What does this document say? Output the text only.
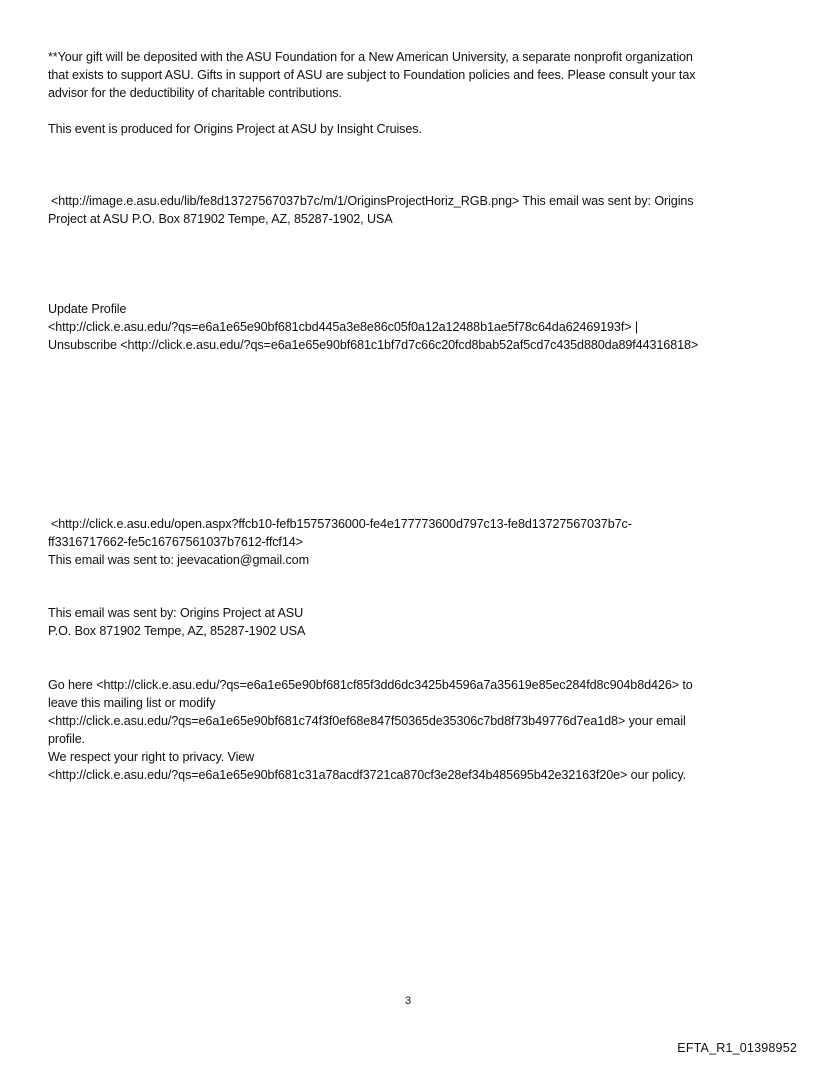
**Your gift will be deposited with the ASU Foundation for a New American University, a separate nonprofit organization
that exists to support ASU. Gifts in support of ASU are subject to Foundation policies and fees. Please consult your tax
advisor for the deductibility of charitable contributions.
This event is produced for Origins Project at ASU by Insight Cruises.
<http://image.e.asu.edu/lib/fe8d13727567037b7c/m/1/OriginsProjectHoriz_RGB.png> This email was sent by: Origins
Project at ASU P.O. Box 871902 Tempe, AZ, 85287-1902, USA
Update Profile
<http://click.e.asu.edu/?qs=e6a1e65e90bf681cbd445a3e8e86c05f0a12a12488b1ae5f78c64da62469193f> |
Unsubscribe <http://click.e.asu.edu/?qs=e6a1e65e90bf681c1bf7d7c66c20fcd8bab52af5cd7c435d880da89f44316818>
<http://click.e.asu.edu/open.aspx?ffcb10-fefb1575736000-fe4e177773600d797c13-fe8d13727567037b7c-
ff3316717662-fe5c16767561037b7612-ffcf14>
This email was sent to: jeevacation@gmail.com
This email was sent by: Origins Project at ASU
P.O. Box 871902 Tempe, AZ, 85287-1902 USA
Go here <http://click.e.asu.edu/?qs=e6a1e65e90bf681cf85f3dd6dc3425b4596a7a35619e85ec284fd8c904b8d426> to
leave this mailing list or modify
<http://click.e.asu.edu/?qs=e6a1e65e90bf681c74f3f0ef68e847f50365de35306c7bd8f73b49776d7ea1d8> your email
profile.
We respect your right to privacy. View
<http://click.e.asu.edu/?qs=e6a1e65e90bf681c31a78acdf3721ca870cf3e28ef34b485695b42e32163f20e> our policy.
3
EFTA_R1_01398952
